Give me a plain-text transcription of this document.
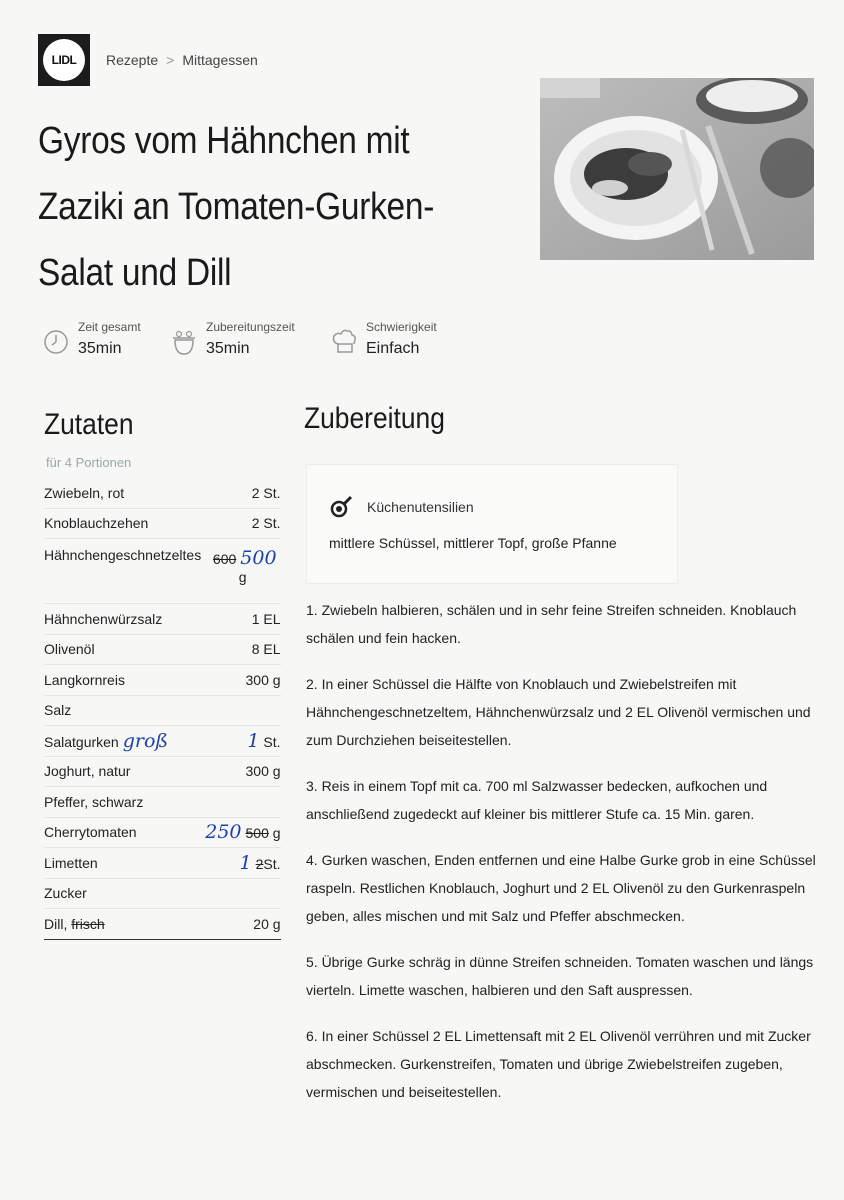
LIDL	Rezepte > Mittagessen
Gyros vom Hähnchen mit Zaziki an Tomaten-Gurken-Salat und Dill
Zeit gesamt
35min
Zubereitungszeit
35min
Schwierigkeit
Einfach
Zutaten
für 4 Portionen
Zwiebeln, rot	2 St.
Knoblauchzehen	2 St.
Hähnchengeschnetzeltes	600 500
g
Hähnchenwürzsalz	1 EL
Olivenöl	8 EL
Langkornreis	300 g
Salz	
Salatgurken groß	1 St.
Joghurt, natur	300 g
Pfeffer, schwarz	
Cherrytomaten	250 500 g
Limetten	1 2St.
Zucker	
Dill, frisch	20 g
Zubereitung
Küchenutensilien
mittlere Schüssel, mittlerer Topf, große Pfanne

1. Zwiebeln halbieren, schälen und in sehr feine Streifen schneiden. Knoblauch schälen und fein hacken.

2. In einer Schüssel die Hälfte von Knoblauch und Zwiebelstreifen mit Hähnchengeschnetzeltem, Hähnchenwürzsalz und 2 EL Olivenöl vermischen und zum Durchziehen beiseitestellen.

3. Reis in einem Topf mit ca. 700 ml Salzwasser bedecken, aufkochen und anschließend zugedeckt auf kleiner bis mittlerer Stufe ca. 15 Min. garen.

4. Gurken waschen, Enden entfernen und eine Halbe Gurke grob in eine Schüssel raspeln. Restlichen Knoblauch, Joghurt und 2 EL Olivenöl zu den Gurkenraspeln geben, alles mischen und mit Salz und Pfeffer abschmecken.

5. Übrige Gurke schräg in dünne Streifen schneiden. Tomaten waschen und längs vierteln. Limette waschen, halbieren und den Saft auspressen.

6. In einer Schüssel 2 EL Limettensaft mit 2 EL Olivenöl verrühren und mit Zucker abschmecken. Gurkenstreifen, Tomaten und übrige Zwiebelstreifen zugeben, vermischen und beiseitestellen.
